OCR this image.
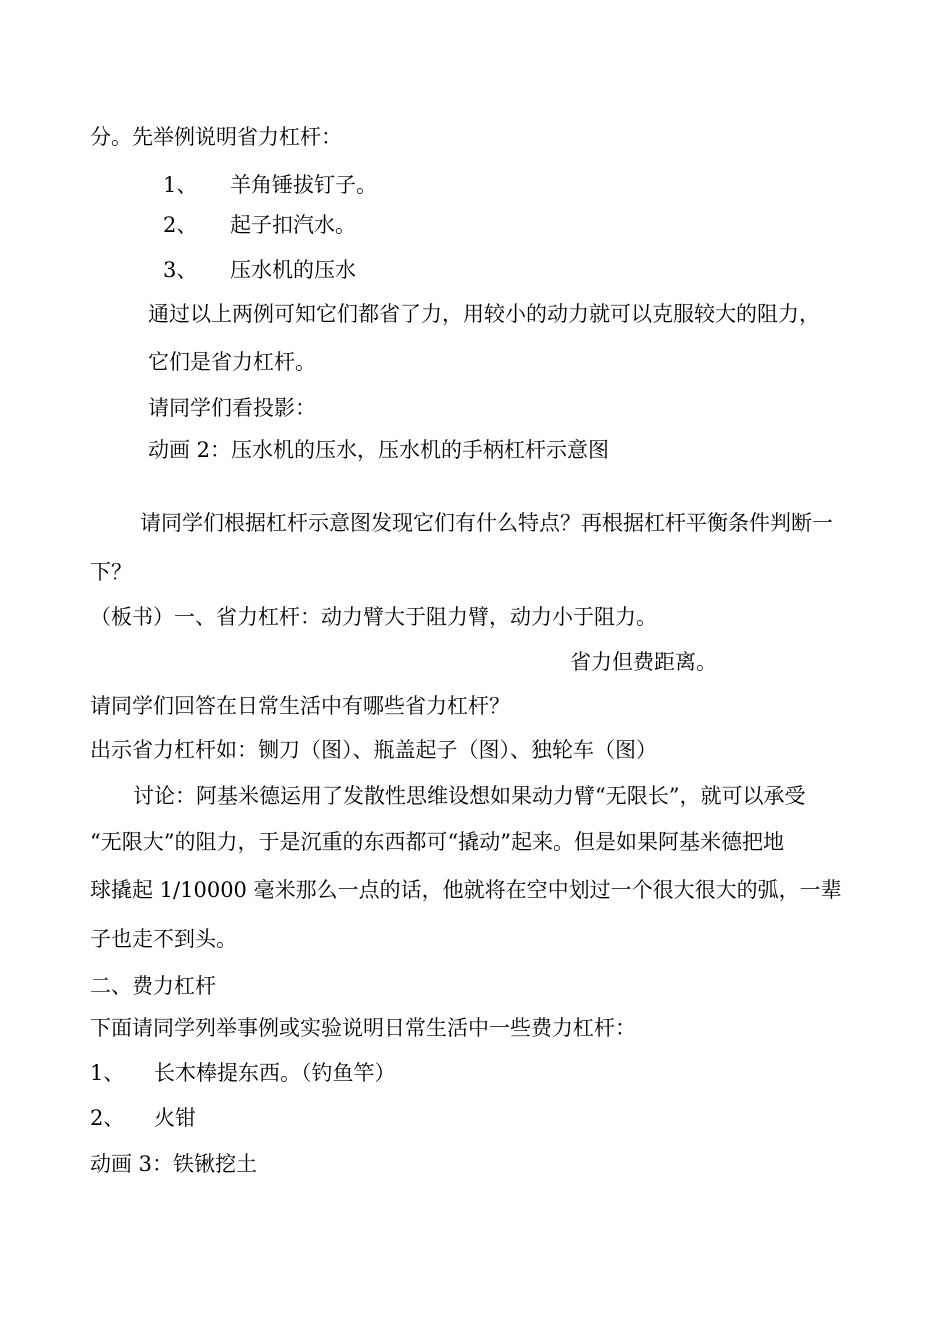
分。先举例说明省力杠杆：
1、 羊角锤拔钉子。
2、 起子扣汽水。
3、 压水机的压水
通过以上两例可知它们都省了力，用较小的动力就可以克服较大的阻力，
它们是省力杠杆。
请同学们看投影：
动画 2：压水机的压水，压水机的手柄杠杆示意图
请同学们根据杠杆示意图发现它们有什么特点？再根据杠杆平衡条件判断一
下？
（板书）一、省力杠杆：动力臂大于阻力臂，动力小于阻力。
省力但费距离。
请同学们回答在日常生活中有哪些省力杠杆？
出示省力杠杆如：铡刀（图）、瓶盖起子（图）、独轮车（图）
讨论：阿基米德运用了发散性思维设想如果动力臂“无限长”，就可以承受
“无限大”的阻力，于是沉重的东西都可“撬动”起来。但是如果阿基米德把地
球撬起 1/10000 毫米那么一点的话，他就将在空中划过一个很大很大的弧，一辈
子也走不到头。
二、费力杠杆
下面请同学列举事例或实验说明日常生活中一些费力杠杆：
1、 长木棒提东西。（钓鱼竿）
2、 火钳
动画 3：铁锹挖土
